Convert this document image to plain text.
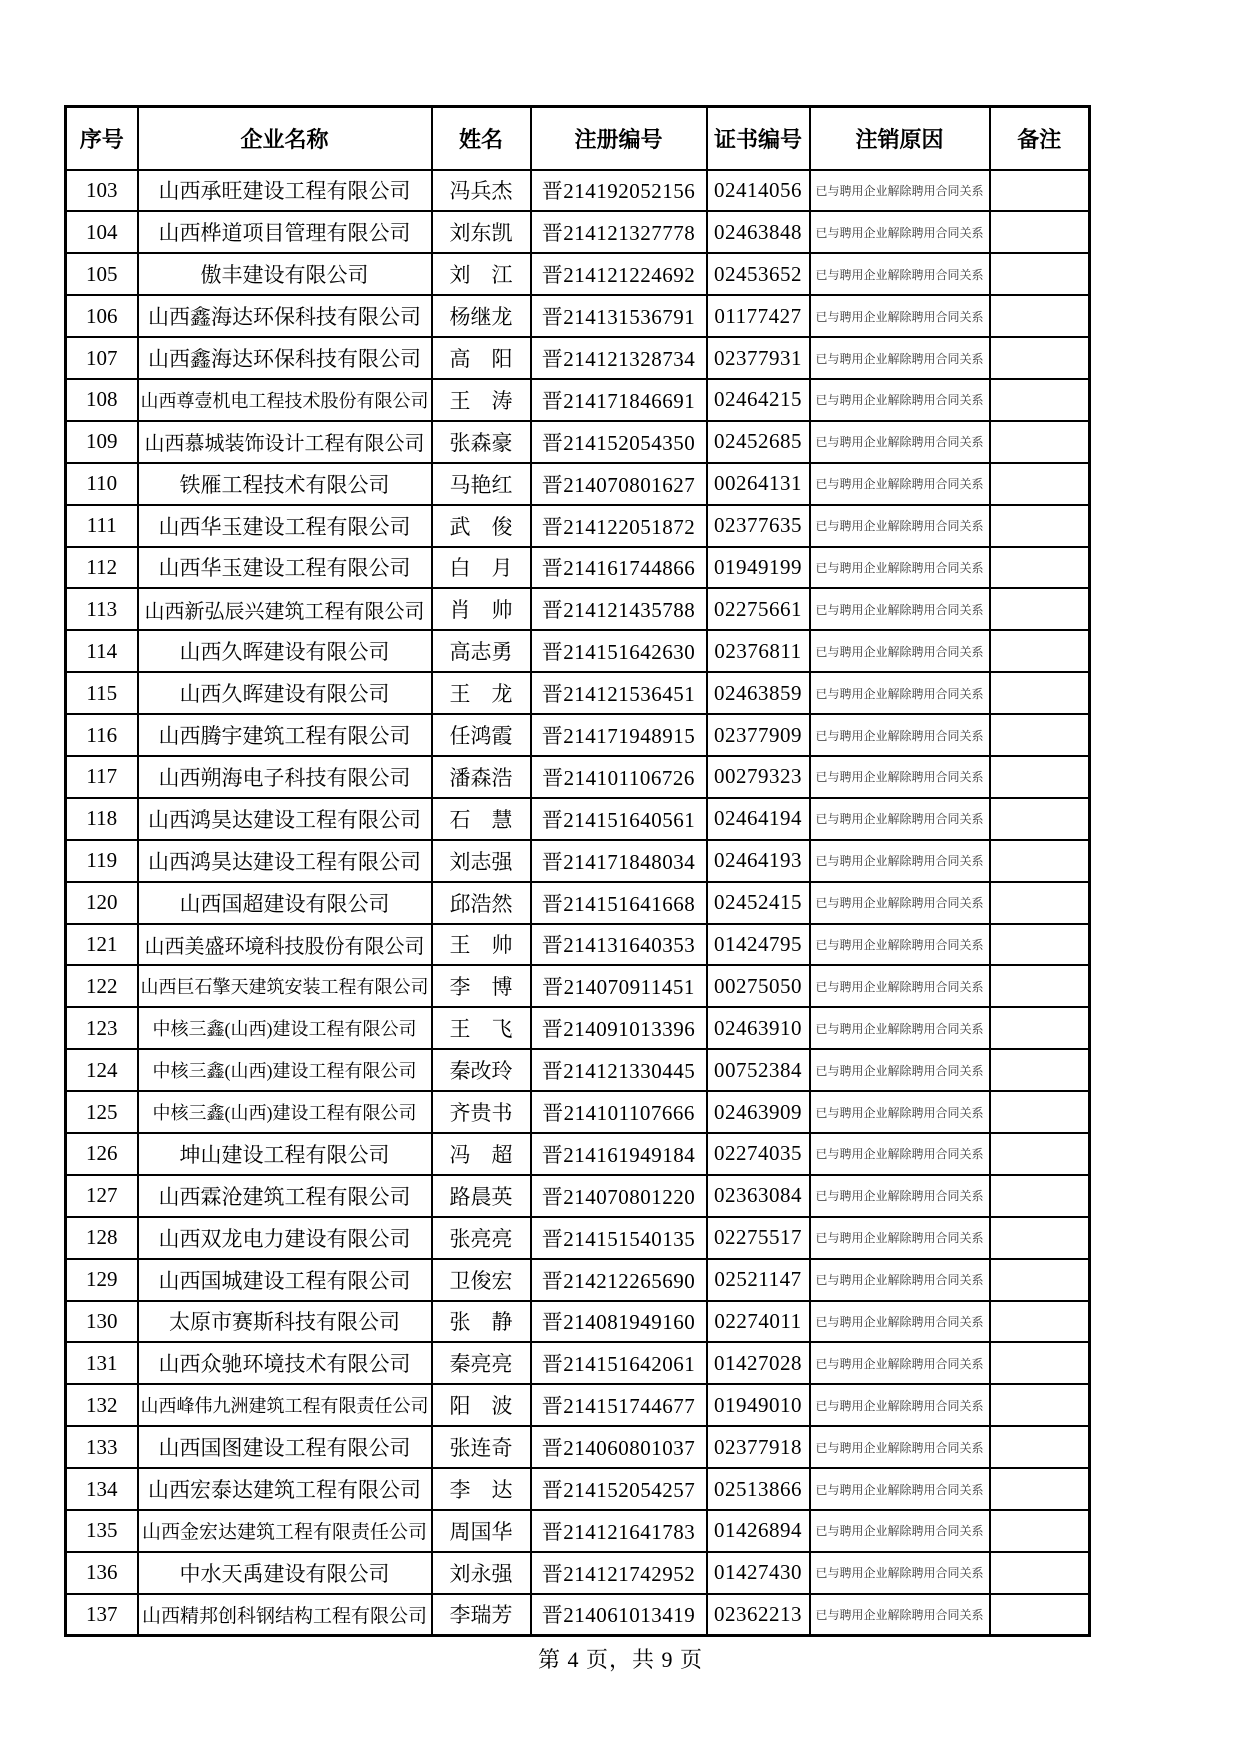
序号	企业名称	姓名	注册编号	证书编号	注销原因	备注
103	山西承旺建设工程有限公司	冯兵杰	晋214192052156	02414056	已与聘用企业解除聘用合同关系	
104	山西桦道项目管理有限公司	刘东凯	晋214121327778	02463848	已与聘用企业解除聘用合同关系	
105	傲丰建设有限公司	刘　江	晋214121224692	02453652	已与聘用企业解除聘用合同关系	
106	山西鑫海达环保科技有限公司	杨继龙	晋214131536791	01177427	已与聘用企业解除聘用合同关系	
107	山西鑫海达环保科技有限公司	高　阳	晋214121328734	02377931	已与聘用企业解除聘用合同关系	
108	山西尊壹机电工程技术股份有限公司	王　涛	晋214171846691	02464215	已与聘用企业解除聘用合同关系	
109	山西慕城装饰设计工程有限公司	张森豪	晋214152054350	02452685	已与聘用企业解除聘用合同关系	
110	铁雁工程技术有限公司	马艳红	晋214070801627	00264131	已与聘用企业解除聘用合同关系	
111	山西华玉建设工程有限公司	武　俊	晋214122051872	02377635	已与聘用企业解除聘用合同关系	
112	山西华玉建设工程有限公司	白　月	晋214161744866	01949199	已与聘用企业解除聘用合同关系	
113	山西新弘辰兴建筑工程有限公司	肖　帅	晋214121435788	02275661	已与聘用企业解除聘用合同关系	
114	山西久晖建设有限公司	高志勇	晋214151642630	02376811	已与聘用企业解除聘用合同关系	
115	山西久晖建设有限公司	王　龙	晋214121536451	02463859	已与聘用企业解除聘用合同关系	
116	山西腾宇建筑工程有限公司	任鸿霞	晋214171948915	02377909	已与聘用企业解除聘用合同关系	
117	山西朔海电子科技有限公司	潘森浩	晋214101106726	00279323	已与聘用企业解除聘用合同关系	
118	山西鸿昊达建设工程有限公司	石　慧	晋214151640561	02464194	已与聘用企业解除聘用合同关系	
119	山西鸿昊达建设工程有限公司	刘志强	晋214171848034	02464193	已与聘用企业解除聘用合同关系	
120	山西国超建设有限公司	邱浩然	晋214151641668	02452415	已与聘用企业解除聘用合同关系	
121	山西美盛环境科技股份有限公司	王　帅	晋214131640353	01424795	已与聘用企业解除聘用合同关系	
122	山西巨石擎天建筑安装工程有限公司	李　博	晋214070911451	00275050	已与聘用企业解除聘用合同关系	
123	中核三鑫(山西)建设工程有限公司	王　飞	晋214091013396	02463910	已与聘用企业解除聘用合同关系	
124	中核三鑫(山西)建设工程有限公司	秦改玲	晋214121330445	00752384	已与聘用企业解除聘用合同关系	
125	中核三鑫(山西)建设工程有限公司	齐贵书	晋214101107666	02463909	已与聘用企业解除聘用合同关系	
126	坤山建设工程有限公司	冯　超	晋214161949184	02274035	已与聘用企业解除聘用合同关系	
127	山西霖沧建筑工程有限公司	路晨英	晋214070801220	02363084	已与聘用企业解除聘用合同关系	
128	山西双龙电力建设有限公司	张亮亮	晋214151540135	02275517	已与聘用企业解除聘用合同关系	
129	山西国城建设工程有限公司	卫俊宏	晋214212265690	02521147	已与聘用企业解除聘用合同关系	
130	太原市赛斯科技有限公司	张　静	晋214081949160	02274011	已与聘用企业解除聘用合同关系	
131	山西众驰环境技术有限公司	秦亮亮	晋214151642061	01427028	已与聘用企业解除聘用合同关系	
132	山西峰伟九洲建筑工程有限责任公司	阳　波	晋214151744677	01949010	已与聘用企业解除聘用合同关系	
133	山西国图建设工程有限公司	张连奇	晋214060801037	02377918	已与聘用企业解除聘用合同关系	
134	山西宏泰达建筑工程有限公司	李　达	晋214152054257	02513866	已与聘用企业解除聘用合同关系	
135	山西金宏达建筑工程有限责任公司	周国华	晋214121641783	01426894	已与聘用企业解除聘用合同关系	
136	中水天禹建设有限公司	刘永强	晋214121742952	01427430	已与聘用企业解除聘用合同关系	
137	山西精邦创科钢结构工程有限公司	李瑞芳	晋214061013419	02362213	已与聘用企业解除聘用合同关系	
第 4 页，共 9 页
